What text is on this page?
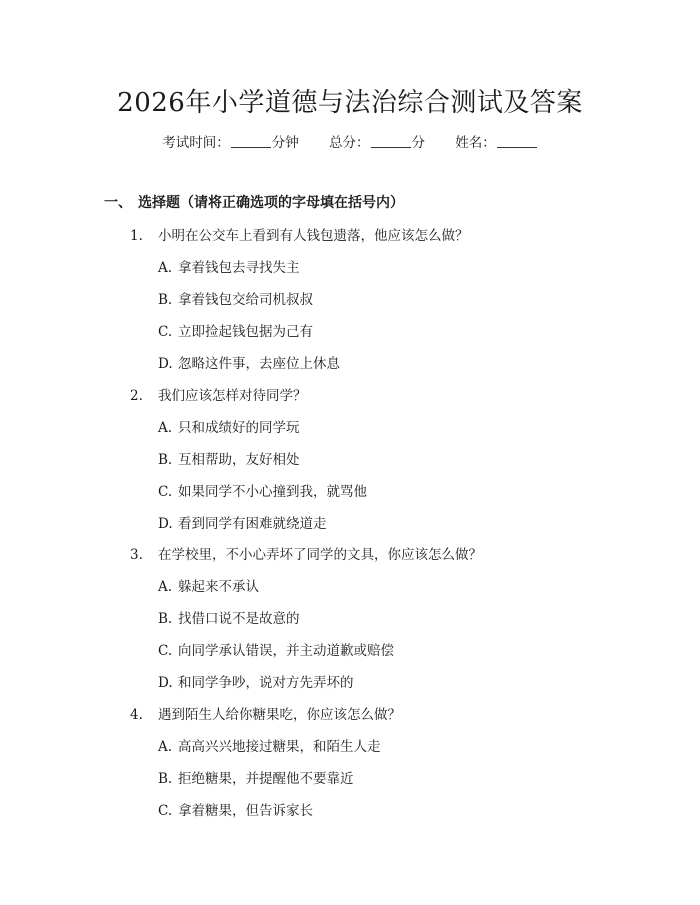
2026年小学道德与法治综合测试及答案
考试时间：	分钟 总分：	分 姓名：
一、 选择题（请将正确选项的字母填在括号内）
1. 小明在公交车上看到有人钱包遗落，他应该怎么做？
A. 拿着钱包去寻找失主
B. 拿着钱包交给司机叔叔
C. 立即捡起钱包据为己有
D. 忽略这件事，去座位上休息
2. 我们应该怎样对待同学？
A. 只和成绩好的同学玩
B. 互相帮助，友好相处
C. 如果同学不小心撞到我，就骂他
D. 看到同学有困难就绕道走
3. 在学校里，不小心弄坏了同学的文具，你应该怎么做？
A. 躲起来不承认
B. 找借口说不是故意的
C. 向同学承认错误，并主动道歉或赔偿
D. 和同学争吵，说对方先弄坏的
4. 遇到陌生人给你糖果吃，你应该怎么做？
A. 高高兴兴地接过糖果，和陌生人走
B. 拒绝糖果，并提醒他不要靠近
C. 拿着糖果，但告诉家长
